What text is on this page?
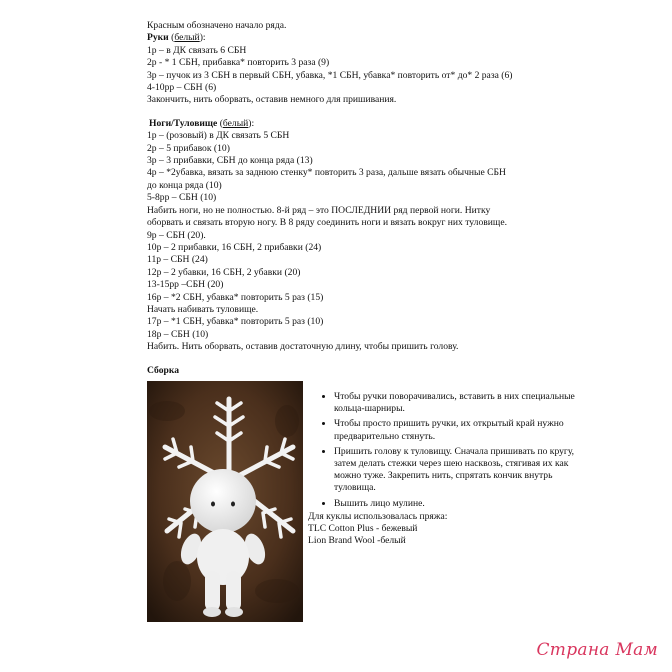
Красным обозначено начало ряда.
Руки (белый):
1р – в ДК связать 6 СБН
2р - * 1 СБН, прибавка* повторить 3 раза (9)
3р – пучок из 3 СБН в первый СБН, убавка, *1 СБН, убавка* повторить от* до* 2 раза (6)
4-10рр – СБН (6)
Закончить, нить оборвать, оставив немного для пришивания.
Ноги/Туловище (белый):
1р – (розовый) в ДК связать 5 СБН
2р – 5 прибавок (10)
3р – 3 прибавки, СБН до конца ряда (13)
4р – *2убавка, вязать за заднюю стенку* повторить 3 раза, дальше вязать обычные СБН
до конца ряда (10)
5-8рр – СБН (10)
Набить ноги, но не полностью. 8-й ряд – это ПОСЛЕДНИИ ряд первой ноги. Нитку
оборвать и связать вторую ногу. В 8 ряду соединить ноги и вязать вокруг них туловище.
9р – СБН (20).
10р – 2 прибавки, 16 СБН, 2 прибавки (24)
11р – СБН (24)
12р – 2 убавки, 16 СБН, 2 убавки (20)
13-15рр –СБН (20)
16р – *2 СБН, убавка* повторить 5 раз (15)
Начать набивать туловище.
17р – *1 СБН, убавка* повторить 5 раз (10)
18р – СБН (10)
Набить. Нить оборвать, оставив достаточную длину, чтобы пришить голову.
Сборка
• Чтобы ручки поворачивались, вставить в них специальные кольца-шарниры.
• Чтобы просто пришить ручки, их открытый край нужно предварительно стянуть.
• Пришить голову к туловищу. Сначала пришивать по кругу, затем делать стежки через шею насквозь, стягивая их как можно туже. Закрепить нить, спрятать кончик внутрь туловища.
• Вышить лицо мулине.
Для куклы использовалась пряжа:
TLC Cotton Plus - бежевый
Lion Brand Wool -белый
Страна Мам
